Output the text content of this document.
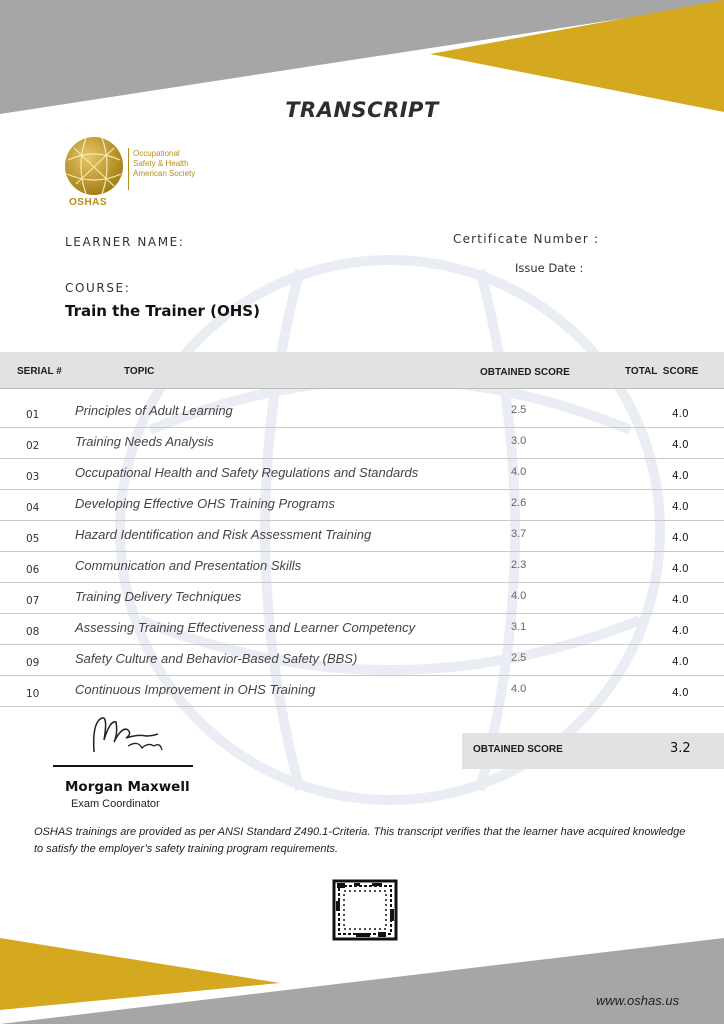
TRANSCRIPT
Occupational
Safety & Health
American Society
OSHAS
LEARNER NAME:	Certificate Number :
Issue Date :
COURSE:
Train the Trainer (OHS)
SERIAL #	TOPIC	OBTAINED SCORE	TOTAL  SCORE
01	Principles of Adult Learning	2.5	4.0
02	Training Needs Analysis	3.0	4.0
03	Occupational Health and Safety Regulations and Standards	4.0	4.0
04	Developing Effective OHS Training Programs	2.6	4.0
05	Hazard Identification and Risk Assessment Training	3.7	4.0
06	Communication and Presentation Skills	2.3	4.0
07	Training Delivery Techniques	4.0	4.0
08	Assessing Training Effectiveness and Learner Competency	3.1	4.0
09	Safety Culture and Behavior-Based Safety (BBS)	2.5	4.0
10	Continuous Improvement in OHS Training	4.0	4.0
Morgan Maxwell
Exam Coordinator
OBTAINED SCORE	3.2
OSHAS trainings are provided as per ANSI Standard Z490.1-Criteria. This transcript verifies that the learner have acquired knowledge to satisfy the employer’s safety training program requirements.
www.oshas.us
